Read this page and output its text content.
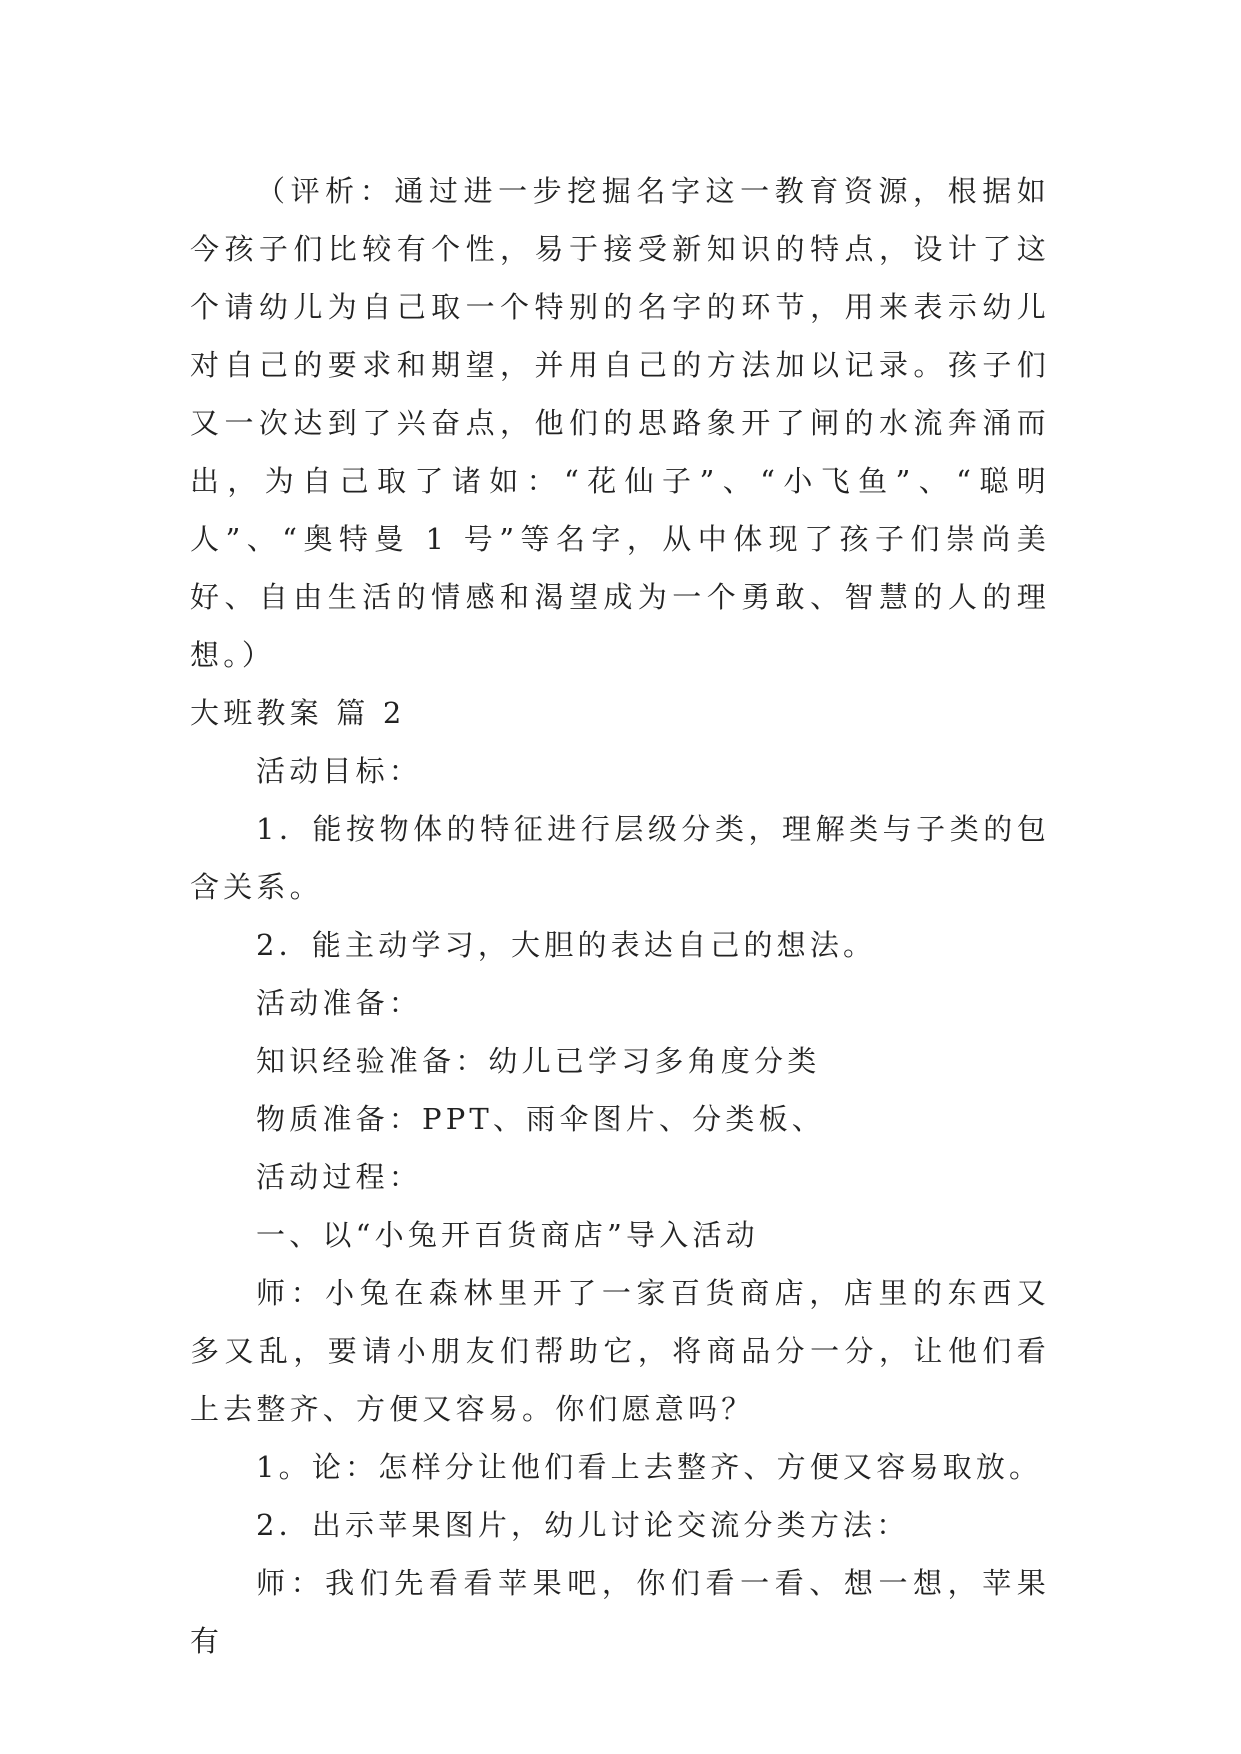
（评析：通过进一步挖掘名字这一教育资源，根据如今孩子们比较有个性，易于接受新知识的特点，设计了这个请幼儿为自己取一个特别的名字的环节，用来表示幼儿对自己的要求和期望，并用自己的方法加以记录。孩子们又一次达到了兴奋点，他们的思路象开了闸的水流奔涌而出，为自己取了诸如：“花仙子”、“小飞鱼”、“聪明人”、“奥特曼 1 号”等名字，从中体现了孩子们崇尚美好、自由生活的情感和渴望成为一个勇敢、智慧的人的理想。）

大班教案 篇 2

活动目标：

1．能按物体的特征进行层级分类，理解类与子类的包含关系。

2．能主动学习，大胆的表达自己的想法。

活动准备：

知识经验准备：幼儿已学习多角度分类

物质准备：PPT、雨伞图片、分类板、

活动过程：

一、以“小兔开百货商店”导入活动

师：小兔在森林里开了一家百货商店，店里的东西又多又乱，要请小朋友们帮助它，将商品分一分，让他们看上去整齐、方便又容易。你们愿意吗？

1。论：怎样分让他们看上去整齐、方便又容易取放。

2．出示苹果图片，幼儿讨论交流分类方法：

师：我们先看看苹果吧，你们看一看、想一想，苹果有
